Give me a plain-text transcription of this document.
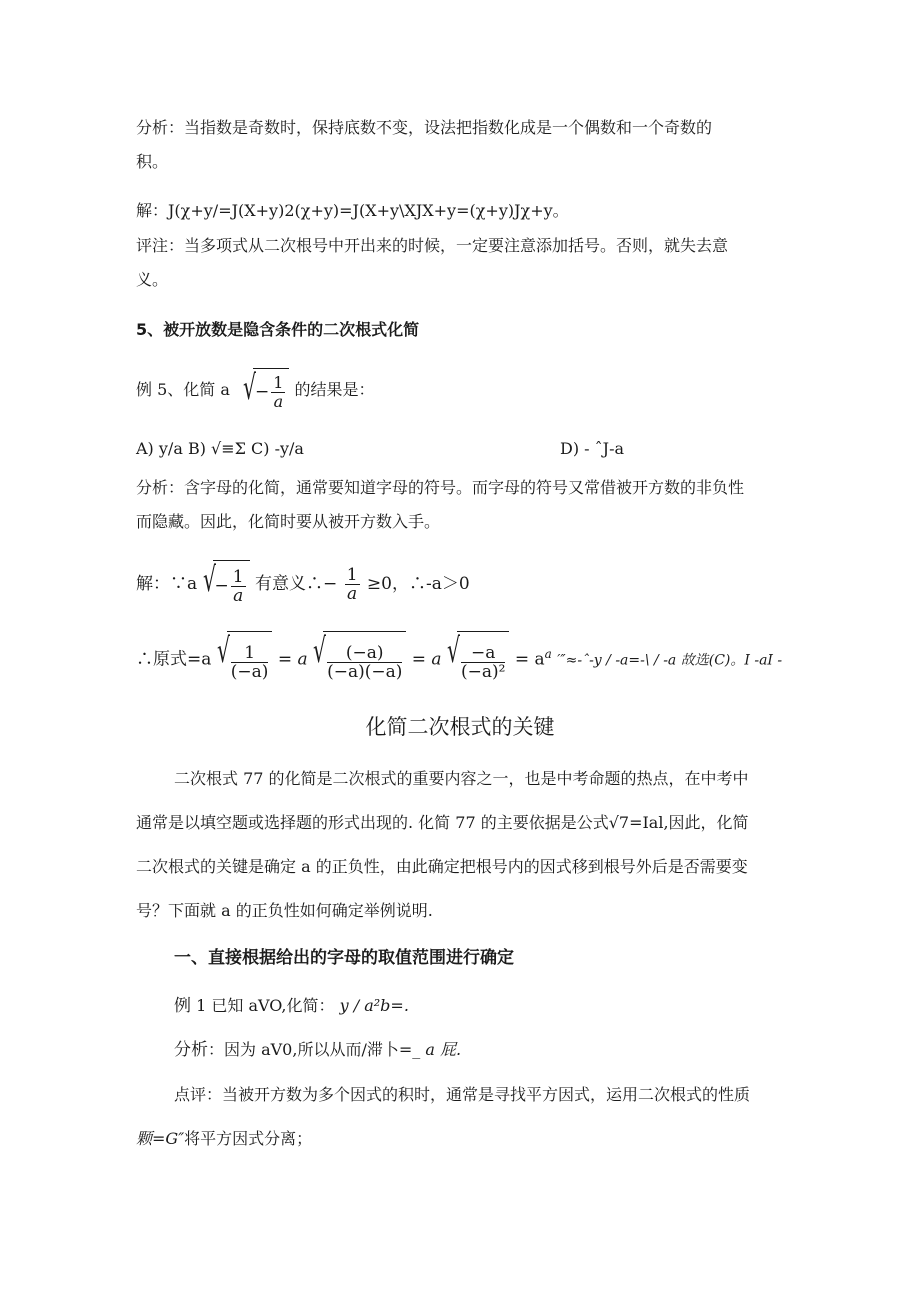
分析：当指数是奇数时，保持底数不变，设法把指数化成是一个偶数和一个奇数的
积。
解：J(χ+y/=J(X+y)2(χ+y)=J(X+y\XJX+y=(χ+y)Jχ+y。
评注：当多项式从二次根号中开出来的时候，一定要注意添加括号。否则，就失去意
义。
5、被开放数是隐含条件的二次根式化简
例 5、化简 a √
− $\frac{1}{a}$ 的结果是：
A) y∕a B) √≡Σ C) -y∕a	D) - ˆJ-a
分析：含字母的化简，通常要知道字母的符号。而字母的符号又常借被开方数的非负性
而隐藏。因此，化简时要从被开方数入手。
解：∵a √
− $\frac{1}{a}$ 有意义∴− $\frac{1}{a} \ge 0$，∴-a＞0
∴原式=a √ $\frac{1}{(-a)} = a$ √ $\frac{(-a)}{(-a)(-a)} = a$ √ $\frac{-a}{\text{(−a)²}} = a^a$ ′″≈-ˆ-y / -a=-\ / -a 故选(C)。I -aI -
化简二次根式的关键
二次根式 77 的化简是二次根式的重要内容之一，也是中考命题的热点，在中考中
通常是以填空题或选择题的形式出现的. 化简 77 的主要依据是公式√7=Ial,因此，化简
二次根式的关键是确定 a 的正负性，由此确定把根号内的因式移到根号外后是否需要变
号？下面就 a 的正负性如何确定举例说明.
一、直接根据给出的字母的取值范围进行确定
例 1 已知 aVO,化简： y / a²b=.
分析：因为 aV0,所以从而/滞卜=_ a 屁.
点评：当被开方数为多个因式的积时，通常是寻找平方因式，运用二次根式的性质
颗=G″将平方因式分离；
